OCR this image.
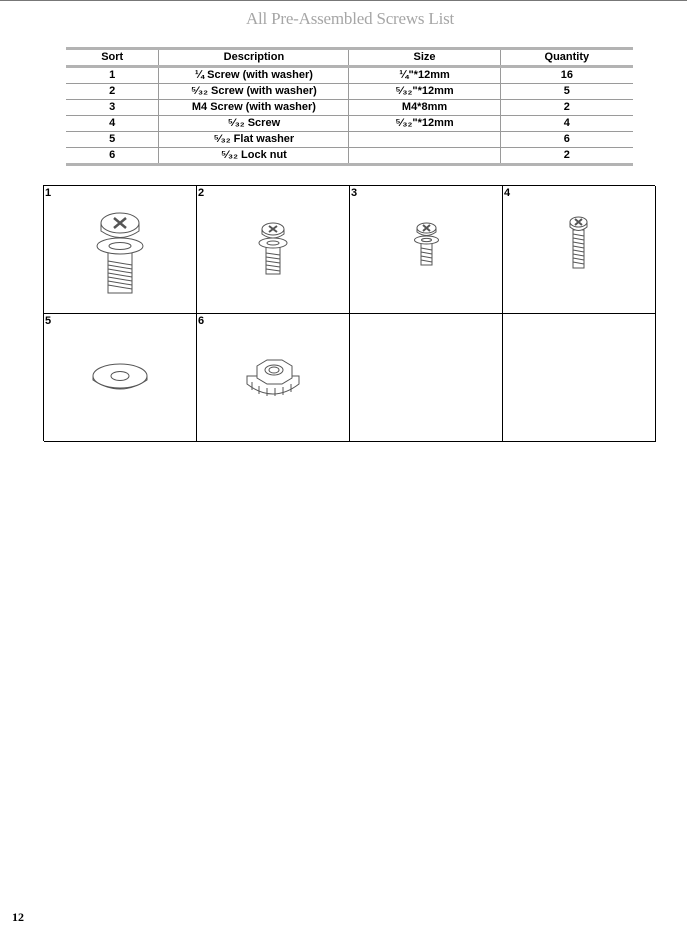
All Pre-Assembled Screws List
Sort	Description	Size	Quantity
1	¼ Screw (with washer)	¼"*12mm	16
2	⁵⁄₃₂ Screw (with washer)	⁵⁄₃₂"*12mm	5
3	M4 Screw (with washer)	M4*8mm	2
4	⁵⁄₃₂ Screw	⁵⁄₃₂"*12mm	4
5	⁵⁄₃₂ Flat washer		6
6	⁵⁄₃₂ Lock nut		2
1	2	3	4
5	6
12
